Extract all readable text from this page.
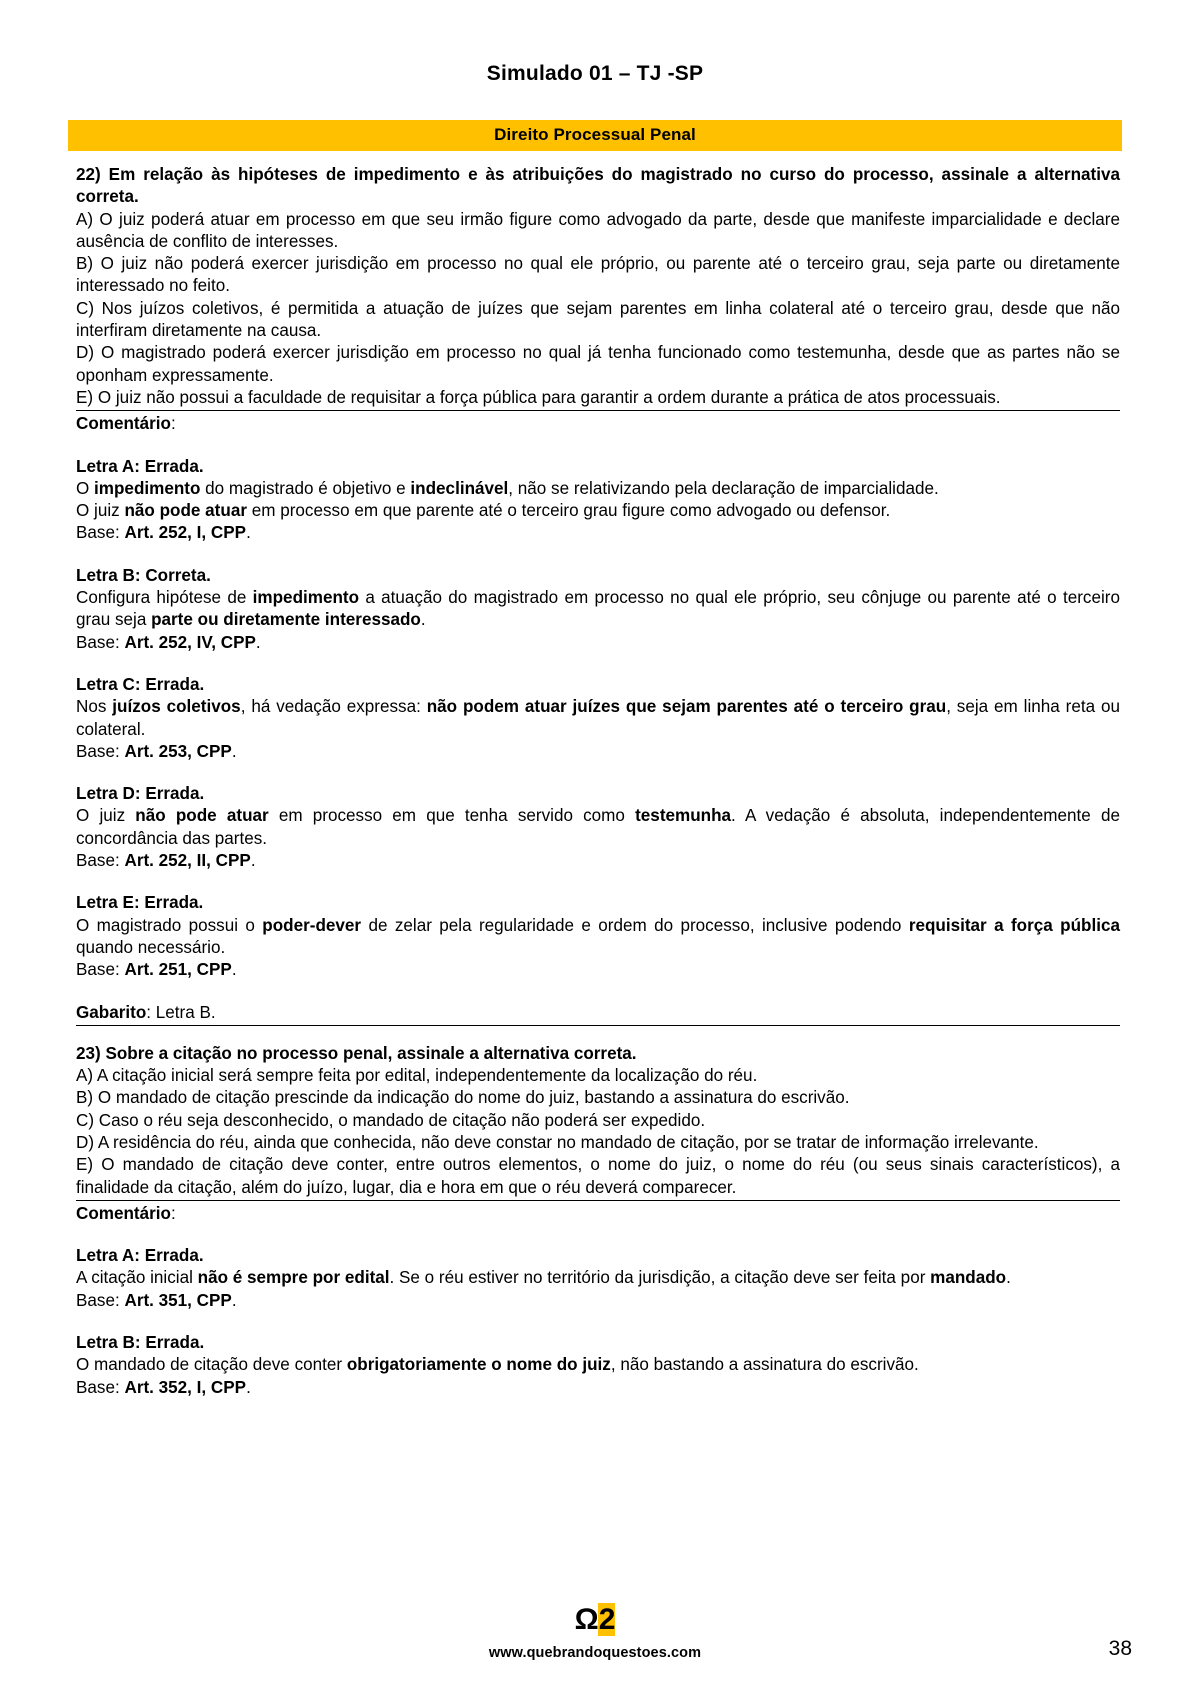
Simulado 01 – TJ -SP
Direito Processual Penal

22) Em relação às hipóteses de impedimento e às atribuições do magistrado no curso do processo, assinale a alternativa correta.

A) O juiz poderá atuar em processo em que seu irmão figure como advogado da parte, desde que manifeste imparcialidade e declare ausência de conflito de interesses.

B) O juiz não poderá exercer jurisdição em processo no qual ele próprio, ou parente até o terceiro grau, seja parte ou diretamente interessado no feito.

C) Nos juízos coletivos, é permitida a atuação de juízes que sejam parentes em linha colateral até o terceiro grau, desde que não interfiram diretamente na causa.

D) O magistrado poderá exercer jurisdição em processo no qual já tenha funcionado como testemunha, desde que as partes não se oponham expressamente.

E) O juiz não possui a faculdade de requisitar a força pública para garantir a ordem durante a prática de atos processuais.

Comentário:

Letra A: Errada.

O impedimento do magistrado é objetivo e indeclinável, não se relativizando pela declaração de imparcialidade.

O juiz não pode atuar em processo em que parente até o terceiro grau figure como advogado ou defensor.

Base: Art. 252, I, CPP.

Letra B: Correta.

Configura hipótese de impedimento a atuação do magistrado em processo no qual ele próprio, seu cônjuge ou parente até o terceiro grau seja parte ou diretamente interessado.

Base: Art. 252, IV, CPP.

Letra C: Errada.

Nos juízos coletivos, há vedação expressa: não podem atuar juízes que sejam parentes até o terceiro grau, seja em linha reta ou colateral.

Base: Art. 253, CPP.

Letra D: Errada.

O juiz não pode atuar em processo em que tenha servido como testemunha. A vedação é absoluta, independentemente de concordância das partes.

Base: Art. 252, II, CPP.

Letra E: Errada.

O magistrado possui o poder-dever de zelar pela regularidade e ordem do processo, inclusive podendo requisitar a força pública quando necessário.

Base: Art. 251, CPP.

Gabarito: Letra B.

23) Sobre a citação no processo penal, assinale a alternativa correta.

A) A citação inicial será sempre feita por edital, independentemente da localização do réu.

B) O mandado de citação prescinde da indicação do nome do juiz, bastando a assinatura do escrivão.

C) Caso o réu seja desconhecido, o mandado de citação não poderá ser expedido.

D) A residência do réu, ainda que conhecida, não deve constar no mandado de citação, por se tratar de informação irrelevante.

E) O mandado de citação deve conter, entre outros elementos, o nome do juiz, o nome do réu (ou seus sinais característicos), a finalidade da citação, além do juízo, lugar, dia e hora em que o réu deverá comparecer.

Comentário:

Letra A: Errada.

A citação inicial não é sempre por edital. Se o réu estiver no território da jurisdição, a citação deve ser feita por mandado.

Base: Art. 351, CPP.

Letra B: Errada.

O mandado de citação deve conter obrigatoriamente o nome do juiz, não bastando a assinatura do escrivão.

Base: Art. 352, I, CPP.

Ω2
www.quebrandoquestoes.com	38
